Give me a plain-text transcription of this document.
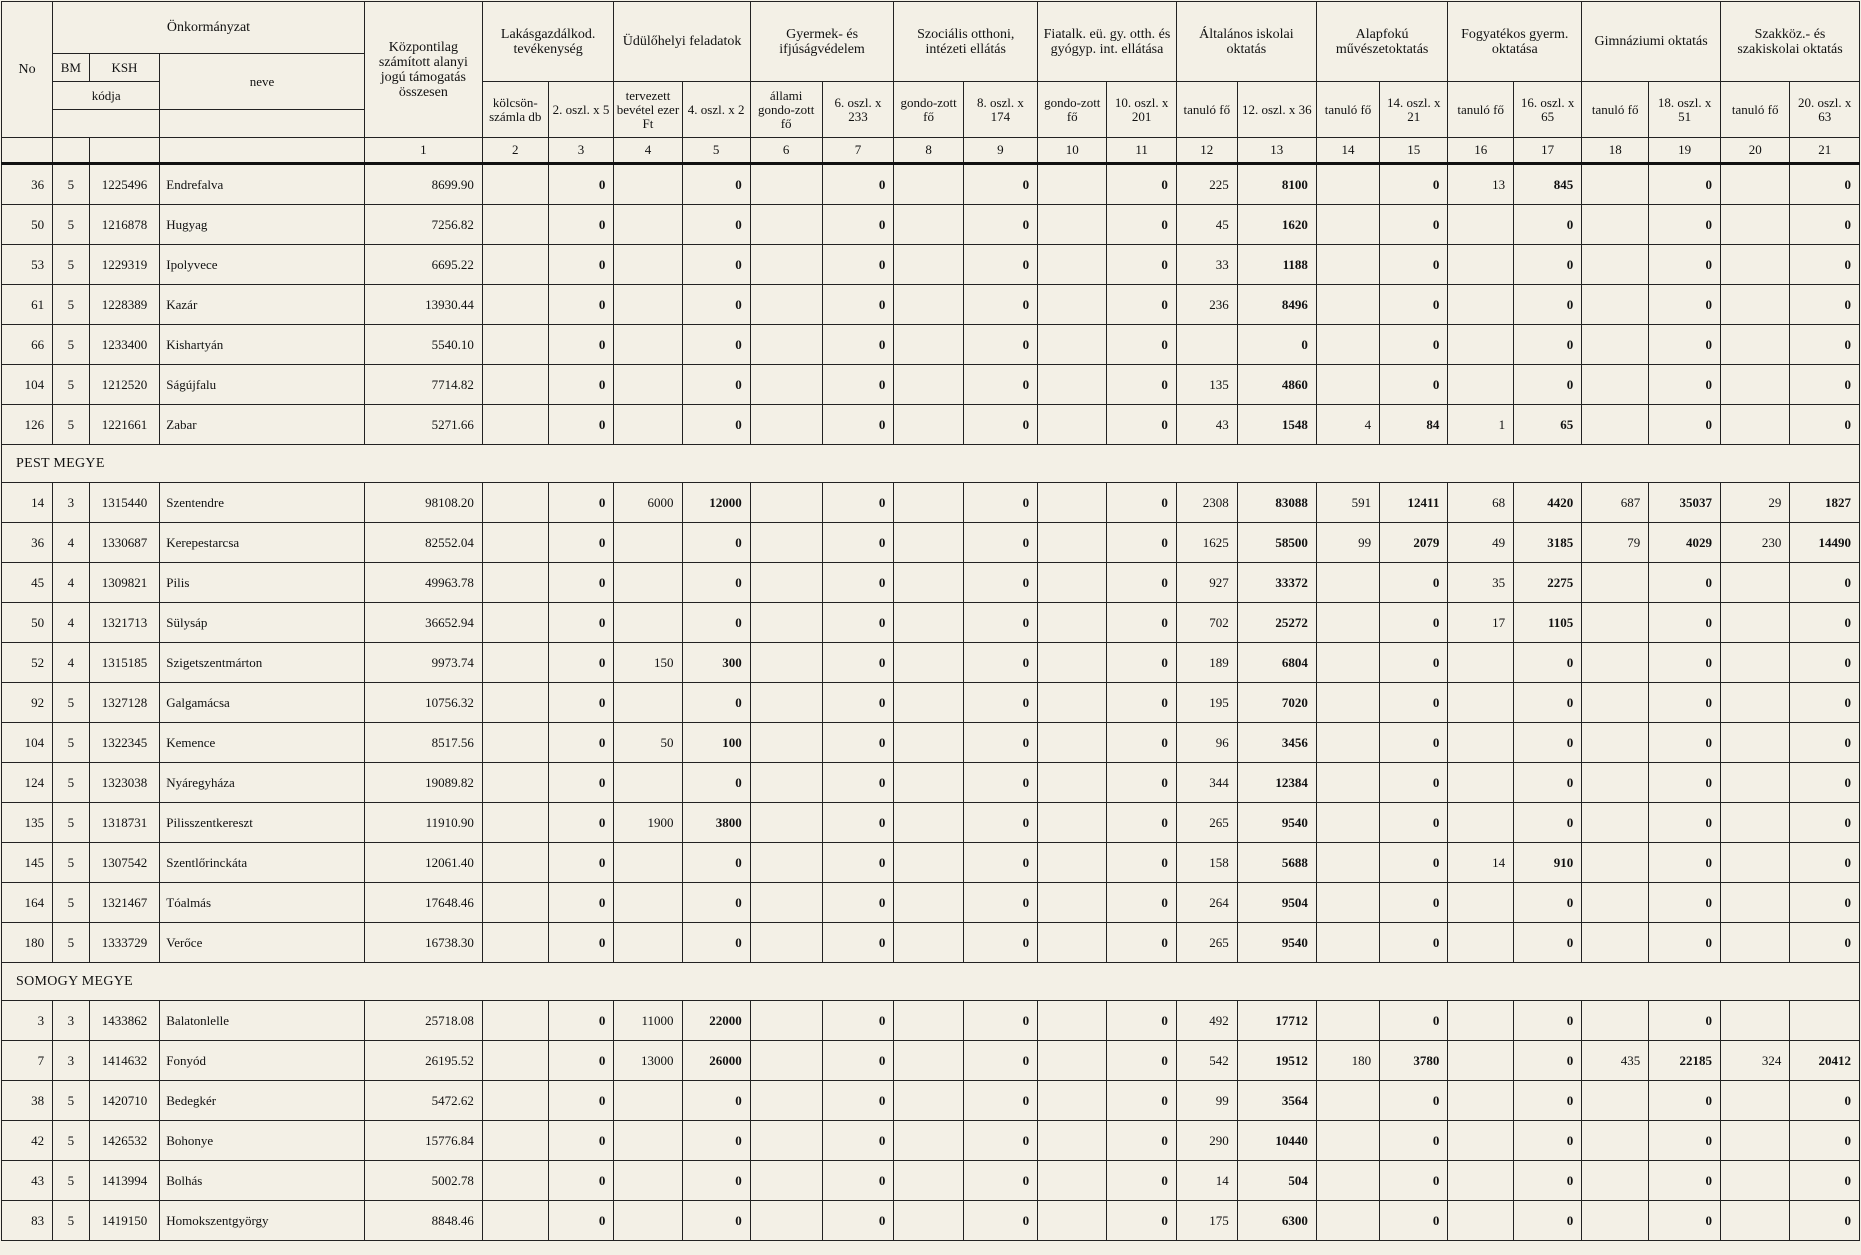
No	Önkormányzat			Központilag számított alanyi jogú támogatás összesen	Lakásgazdálkod. tevékenység		Üdülőhelyi feladatok		Gyermek- és ifjúságvédelem		Szociális otthoni, intézeti ellátás		Fiatalk. eü. gy. otth. és gyógyp. int. ellátása		Általános iskolai oktatás		Alapfokú művészetoktatás		Fogyatékos gyerm. oktatása		Gimnáziumi oktatás		Szakköz.- és szakiskolai oktatás	
	BM	KSH	neve																					
	kódja				kölcsön-számla db	2. oszl. x 5	tervezett bevétel ezer Ft	4. oszl. x 2	állami gondo-zott fő	6. oszl. x 233	gondo-zott fő	8. oszl. x 174	gondo-zott fő	10. oszl. x 201	tanuló fő	12. oszl. x 36	tanuló fő	14. oszl. x 21	tanuló fő	16. oszl. x 65	tanuló fő	18. oszl. x 51	tanuló fő	20. oszl. x 63

				1	2	3	4	5	6	7	8	9	10	11	12	13	14	15	16	17	18	19	20	21
36	5	1225496	Endrefalva	8699.90		0		0		0		0		0	225	8100		0	13	845		0		0
50	5	1216878	Hugyag	7256.82		0		0		0		0		0	45	1620		0		0		0		0
53	5	1229319	Ipolyvece	6695.22		0		0		0		0		0	33	1188		0		0		0		0
61	5	1228389	Kazár	13930.44		0		0		0		0		0	236	8496		0		0		0		0
66	5	1233400	Kishartyán	5540.10		0		0		0		0		0		0		0		0		0		0
104	5	1212520	Ságújfalu	7714.82		0		0		0		0		0	135	4860		0		0		0		0
126	5	1221661	Zabar	5271.66		0		0		0		0		0	43	1548	4	84	1	65		0		0
PEST MEGYE																								
14	3	1315440	Szentendre	98108.20		0	6000	12000		0		0		0	2308	83088	591	12411	68	4420	687	35037	29	1827
36	4	1330687	Kerepestarcsa	82552.04		0		0		0		0		0	1625	58500	99	2079	49	3185	79	4029	230	14490
45	4	1309821	Pilis	49963.78		0		0		0		0		0	927	33372		0	35	2275		0		0
50	4	1321713	Sülysáp	36652.94		0		0		0		0		0	702	25272		0	17	1105		0		0
52	4	1315185	Szigetszentmárton	9973.74		0	150	300		0		0		0	189	6804		0		0		0		0
92	5	1327128	Galgamácsa	10756.32		0		0		0		0		0	195	7020		0		0		0		0
104	5	1322345	Kemence	8517.56		0	50	100		0		0		0	96	3456		0		0		0		0
124	5	1323038	Nyáregyháza	19089.82		0		0		0		0		0	344	12384		0		0		0		0
135	5	1318731	Pilisszentkereszt	11910.90		0	1900	3800		0		0		0	265	9540		0		0		0		0
145	5	1307542	Szentlőrinckáta	12061.40		0		0		0		0		0	158	5688		0	14	910		0		0
164	5	1321467	Tóalmás	17648.46		0		0		0		0		0	264	9504		0		0		0		0
180	5	1333729	Verőce	16738.30		0		0		0		0		0	265	9540		0		0		0		0
SOMOGY MEGYE																								
3	3	1433862	Balatonlelle	25718.08		0	11000	22000		0		0		0	492	17712		0		0		0		
7	3	1414632	Fonyód	26195.52		0	13000	26000		0		0		0	542	19512	180	3780		0	435	22185	324	20412
38	5	1420710	Bedegkér	5472.62		0		0		0		0		0	99	3564		0		0		0		0
42	5	1426532	Bohonye	15776.84		0		0		0		0		0	290	10440		0		0		0		0
43	5	1413994	Bolhás	5002.78		0		0		0		0		0	14	504		0		0		0		0
83	5	1419150	Homokszentgyörgy	8848.46		0		0		0		0		0	175	6300		0		0		0		0
